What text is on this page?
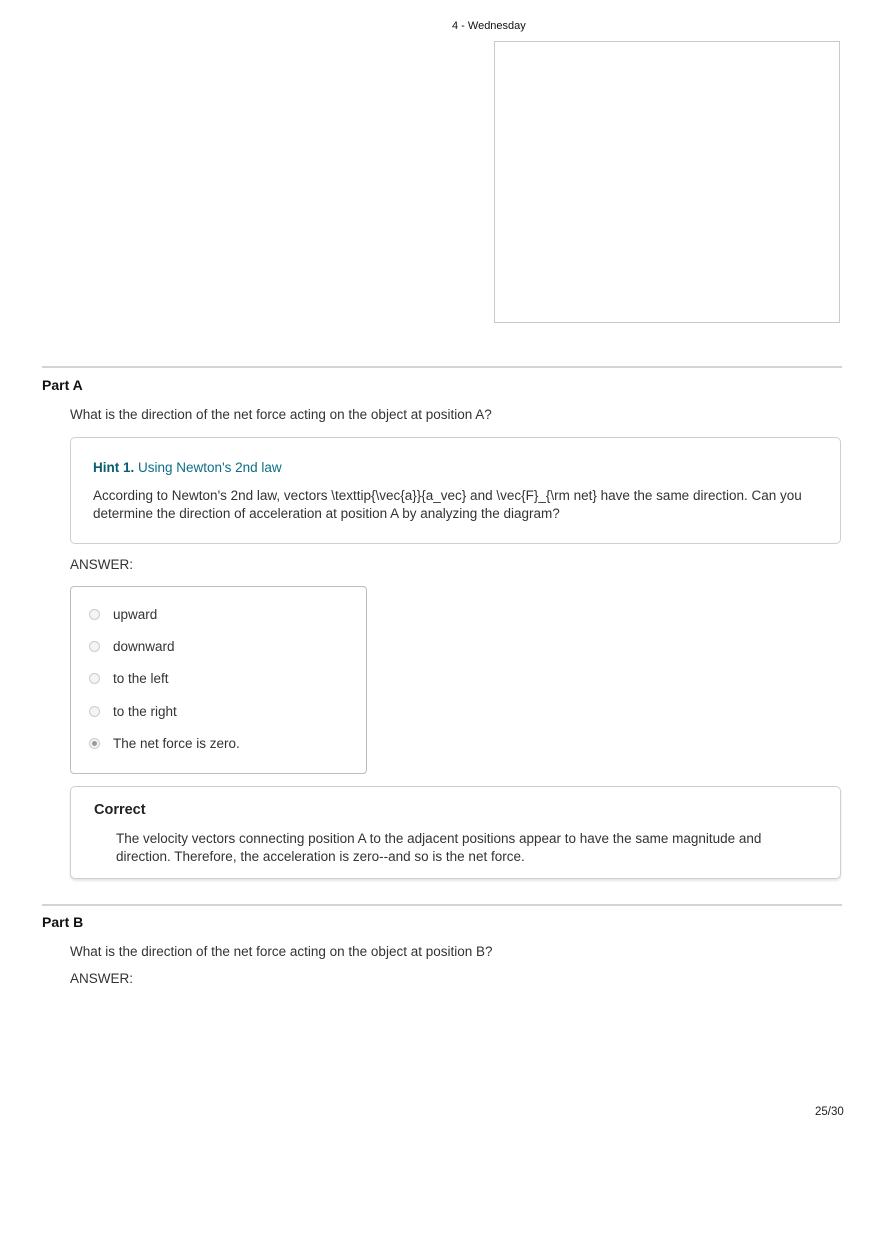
4 - Wednesday
Part A
What is the direction of the net force acting on the object at position A?
Hint 1. Using Newton's 2nd law
According to Newton's 2nd law, vectors \texttip{\vec{a}}{a_vec} and \vec{F}_{\rm net} have the same direction. Can you determine the direction of acceleration at position A by analyzing the diagram?
ANSWER:
upward
downward
to the left
to the right
The net force is zero.
Correct
The velocity vectors connecting position A to the adjacent positions appear to have the same magnitude and direction. Therefore, the acceleration is zero--and so is the net force.
Part B
What is the direction of the net force acting on the object at position B?
ANSWER:
25/30
